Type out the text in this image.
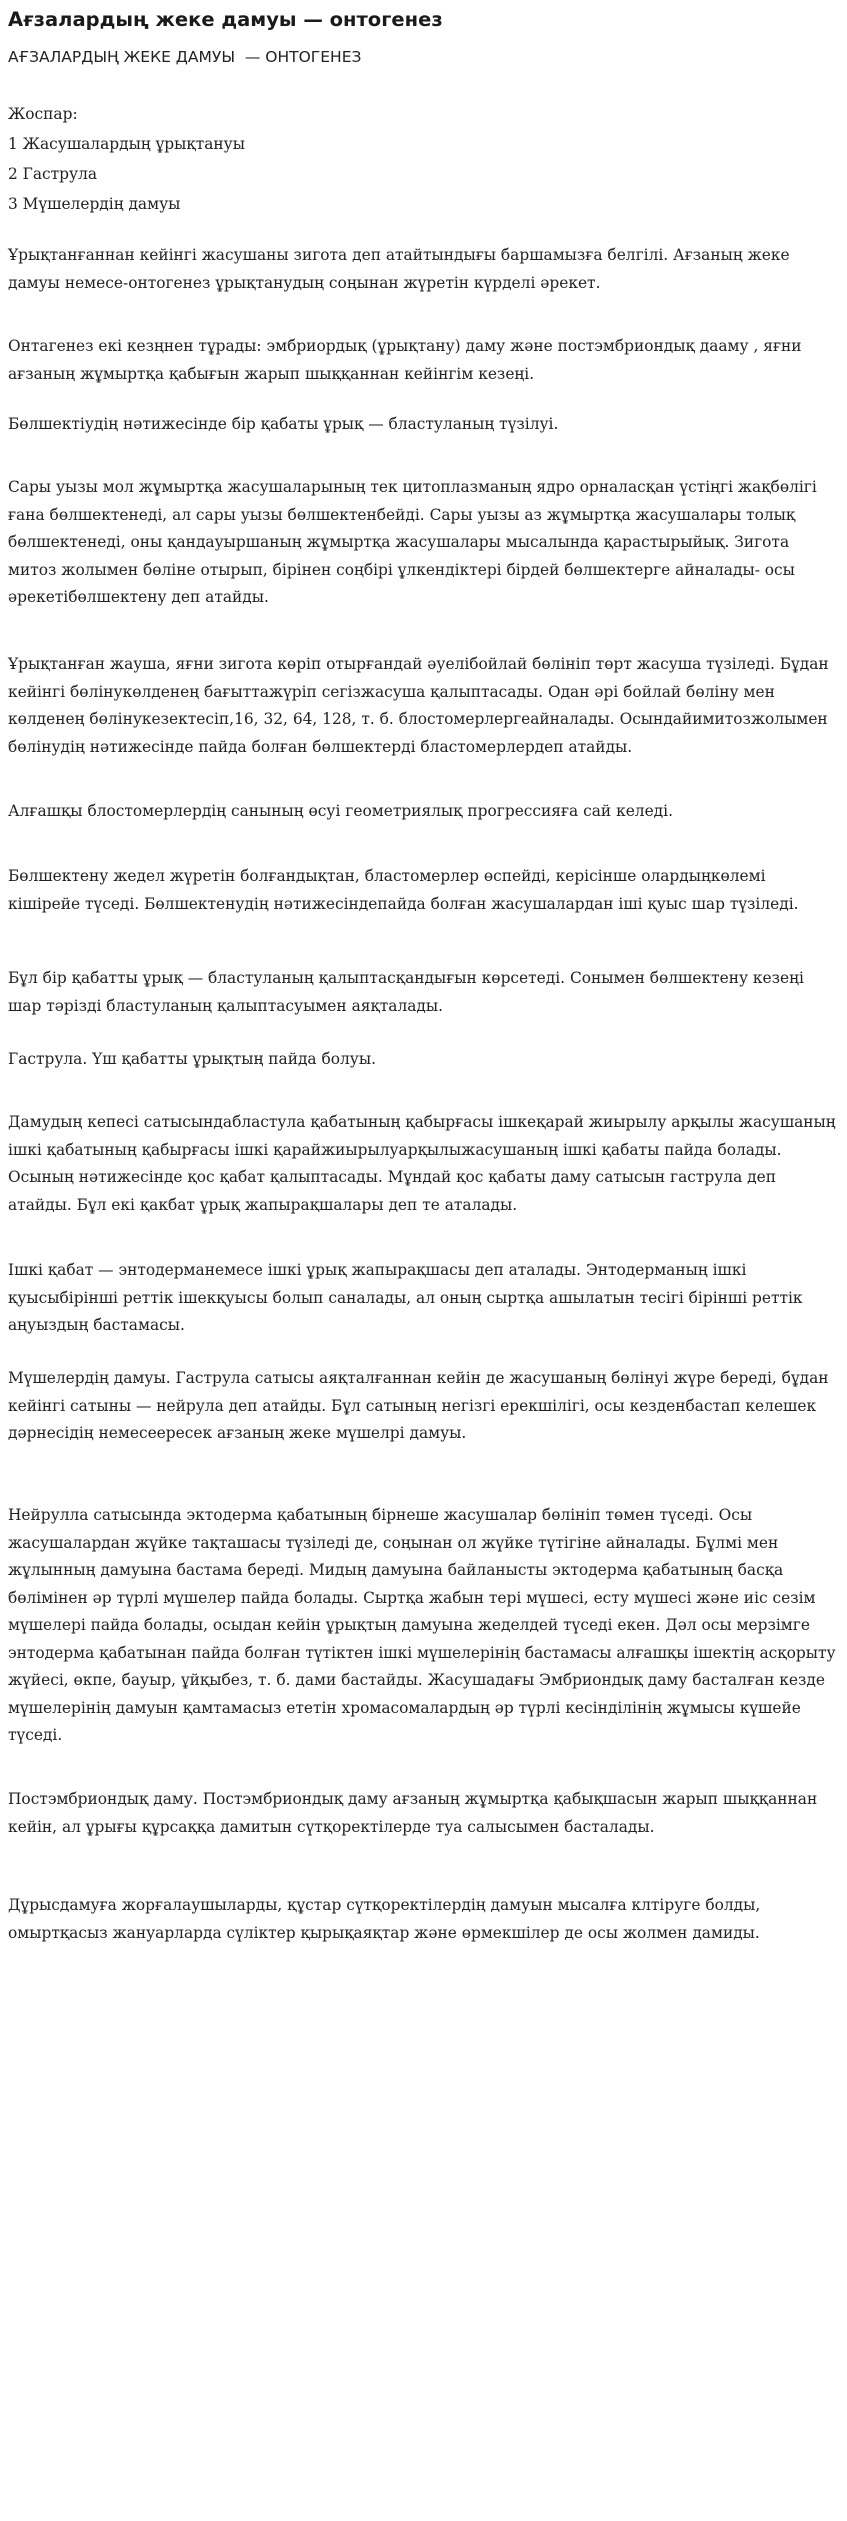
Ағзалардың жеке дамуы — онтогенез
АҒЗАЛАРДЫҢ ЖЕКЕ ДАМУЫ  — ОНТОГЕНЕЗ
Жоспар:
1 Жасушалардың ұрықтануы
2 Гаструла
3 Мүшелердің дамуы

Ұрықтанғаннан кейінгі жасушаны зигота деп атайтындығы баршамызға белгілі. Ағзаның жеке дамуы немесе-онтогенез ұрықтанудың соңынан жүретін күрделі әрекет.

Онтагенез екі кезңнен тұрады: эмбриордық (ұрықтану) даму және постэмбриондық дааму , яғни ағзаның жұмыртқа қабығын жарып шыққаннан кейінгім кезеңі.

Бөлшектіудің нәтижесінде бір қабаты ұрық — бластуланың түзілуі.

Сары уызы мол жұмыртқа жасушаларының тек цитоплазманың ядро орналасқан үстіңгі жақбөлігі ғана бөлшектенеді, ал сары уызы бөлшектенбейді. Сары уызы аз жұмыртқа жасушалары толық бөлшектенеді, оны қандауыршаның жұмыртқа жасушалары мысалында қарастырыйық. Зигота митоз жолымен бөліне отырып, бірінен соңбірі ұлкендіктері бірдей бөлшектерге айналады- осы әрекетібөлшектену деп атайды.

Ұрықтанған жауша, яғни зигота көріп отырғандай әуелібойлай бөлініп төрт жасуша түзіледі. Бұдан кейінгі бөлінукөлденең бағыттажүріп сегізжасуша қалыптасады. Одан әрі бойлай бөліну мен көлденең бөлінукезектесіп,16, 32, 64, 128, т. б. блостомерлергеайналады. Осындайимитозжолымен бөлінудің нәтижесінде пайда болған бөлшектерді бластомерлердеп атайды.

Алғашқы блостомерлердің санының өсуі геометриялық прогрессияға сай келеді.

Бөлшектену жедел жүретін болғандықтан, бластомерлер өспейді, керісінше олардыңкөлемі кішірейе түседі. Бөлшектенудің нәтижесіндепайда болған жасушалардан іші қуыс шар түзіледі.

Бұл бір қабатты ұрық — бластуланың қалыптасқандығын көрсетеді. Сонымен бөлшектену кезеңі шар тәрізді бластуланың қалыптасуымен аяқталады.

Гаструла. Үш қабатты ұрықтың пайда болуы.

Дамудың кепесі сатысындабластула қабатының қабырғасы ішкеқарай жиырылу арқылы жасушаның ішкі қабатының қабырғасы ішкі қарайжиырылуарқылыжасушаның ішкі қабаты пайда болады. Осының нәтижесінде қос қабат қалыптасады. Мұндай қос қабаты даму сатысын гаструла деп атайды. Бұл екі қакбат ұрық жапырақшалары деп те аталады.

Ішкі қабат — энтодерманемесе ішкі ұрық жапырақшасы деп аталады. Энтодерманың ішкі қуысыбірінші реттік ішекқуысы болып саналады, ал оның сыртқа ашылатын тесігі бірінші реттік аңуыздың бастамасы.

Мүшелердің дамуы. Гаструла сатысы аяқталғаннан кейін де жасушаның бөлінуі жүре береді, бұдан кейінгі сатыны — нейрула деп атайды. Бұл сатының негізгі ерекшілігі, осы кезденбастап келешек дәрнесідің немесеересек ағзаның жеке мүшелрі дамуы.

Нейрулла сатысында эктодерма қабатының бірнеше жасушалар бөлініп төмен түседі. Осы жасушалардан жүйке тақташасы түзіледі де, соңынан ол жүйке түтігіне айналады. Бұлмі мен жұлынның дамуына бастама береді. Мидың дамуына байланысты эктодерма қабатының басқа бөлімінен әр түрлі мүшелер пайда болады. Сыртқа жабын тері мүшесі, есту мүшесі және иіс сезім мүшелері пайда болады, осыдан кейін ұрықтың дамуына жеделдей түседі екен. Дәл осы мерзімге энтодерма қабатынан пайда болған түтіктен ішкі мүшелерінің бастамасы алғашқы ішектің асқорыту жүйесі, өкпе, бауыр, ұйқыбез, т. б. дами бастайды. Жасушадағы Эмбриондық даму басталған кезде мүшелерінің дамуын қамтамасыз ететін хромасомалардың әр түрлі кесінділінің жұмысы күшейе түседі.

Постэмбриондық даму. Постэмбриондық даму ағзаның жұмыртқа қабықшасын жарып шыққаннан кейін, ал ұрығы құрсаққа дамитын сүтқоректілерде туа салысымен басталады.

Дұрысдамуға жорғалаушыларды, құстар сүтқоректілердің дамуын мысалға клтіруге болды, омыртқасыз жануарларда сүліктер қырықаяқтар және өрмекшілер де осы жолмен дамиды.
